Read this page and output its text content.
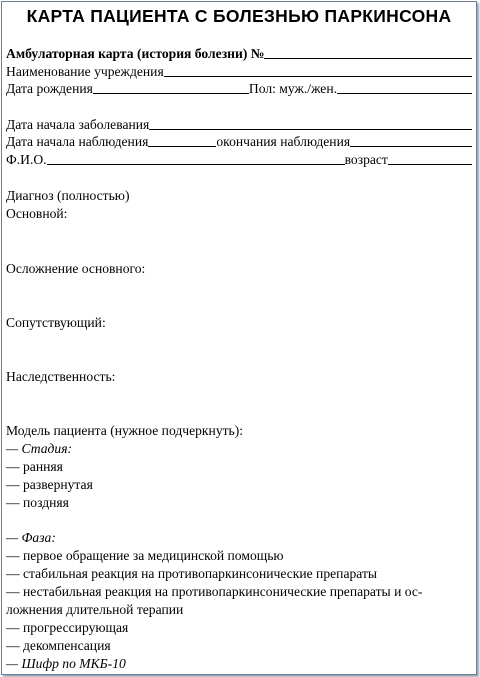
КАРТА ПАЦИЕНТА С БОЛЕЗНЬЮ ПАРКИНСОНА
Амбулаторная карта (история болезни) №
Наименование учреждения
Дата рождения	Пол: муж./жен.
Дата начала заболевания
Дата начала наблюдения	окончания наблюдения
Ф.И.О.	возраст
Диагноз (полностью)
Основной:
Осложнение основного:
Сопутствующий:
Наследственность:
Модель пациента (нужное подчеркнуть):
— Стадия:
— ранняя
— развернутая
— поздняя
— Фаза:
— первое обращение за медицинской помощью
— стабильная реакция на противопаркинсонические препараты
— нестабильная реакция на противопаркинсонические препараты и ос-
ложнения длительной терапии
— прогрессирующая
— декомпенсация
— Шифр по МКБ-10
